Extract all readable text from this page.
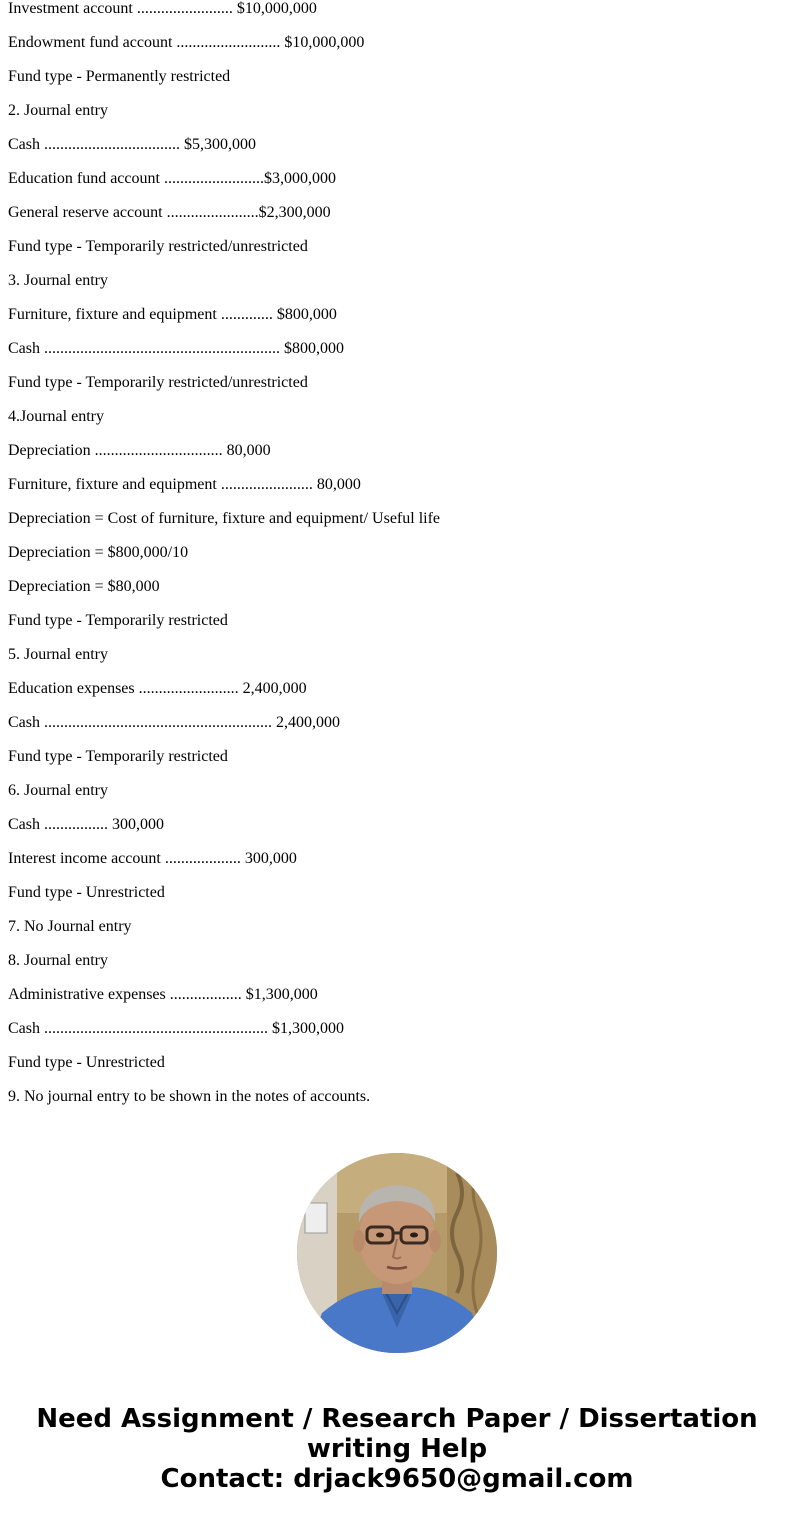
Investment account ........................ $10,000,000
Endowment fund account .......................... $10,000,000
Fund type - Permanently restricted
2. Journal entry
Cash .................................. $5,300,000
Education fund account .........................$3,000,000
General reserve account .......................$2,300,000
Fund type - Temporarily restricted/unrestricted
3. Journal entry
Furniture, fixture and equipment ............. $800,000
Cash ........................................................... $800,000
Fund type - Temporarily restricted/unrestricted
4.Journal entry
Depreciation ................................ 80,000
Furniture, fixture and equipment ....................... 80,000
Depreciation = Cost of furniture, fixture and equipment/ Useful life
Depreciation = $800,000/10
Depreciation = $80,000
Fund type - Temporarily restricted
5. Journal entry
Education expenses ......................... 2,400,000
Cash ......................................................... 2,400,000
Fund type - Temporarily restricted
6. Journal entry
Cash ................ 300,000
Interest income account ................... 300,000
Fund type - Unrestricted
7. No Journal entry
8. Journal entry
Administrative expenses .................. $1,300,000
Cash ........................................................ $1,300,000
Fund type - Unrestricted
9. No journal entry to be shown in the notes of accounts.
Need Assignment / Research Paper / Dissertation
writing Help
Contact: drjack9650@gmail.com
